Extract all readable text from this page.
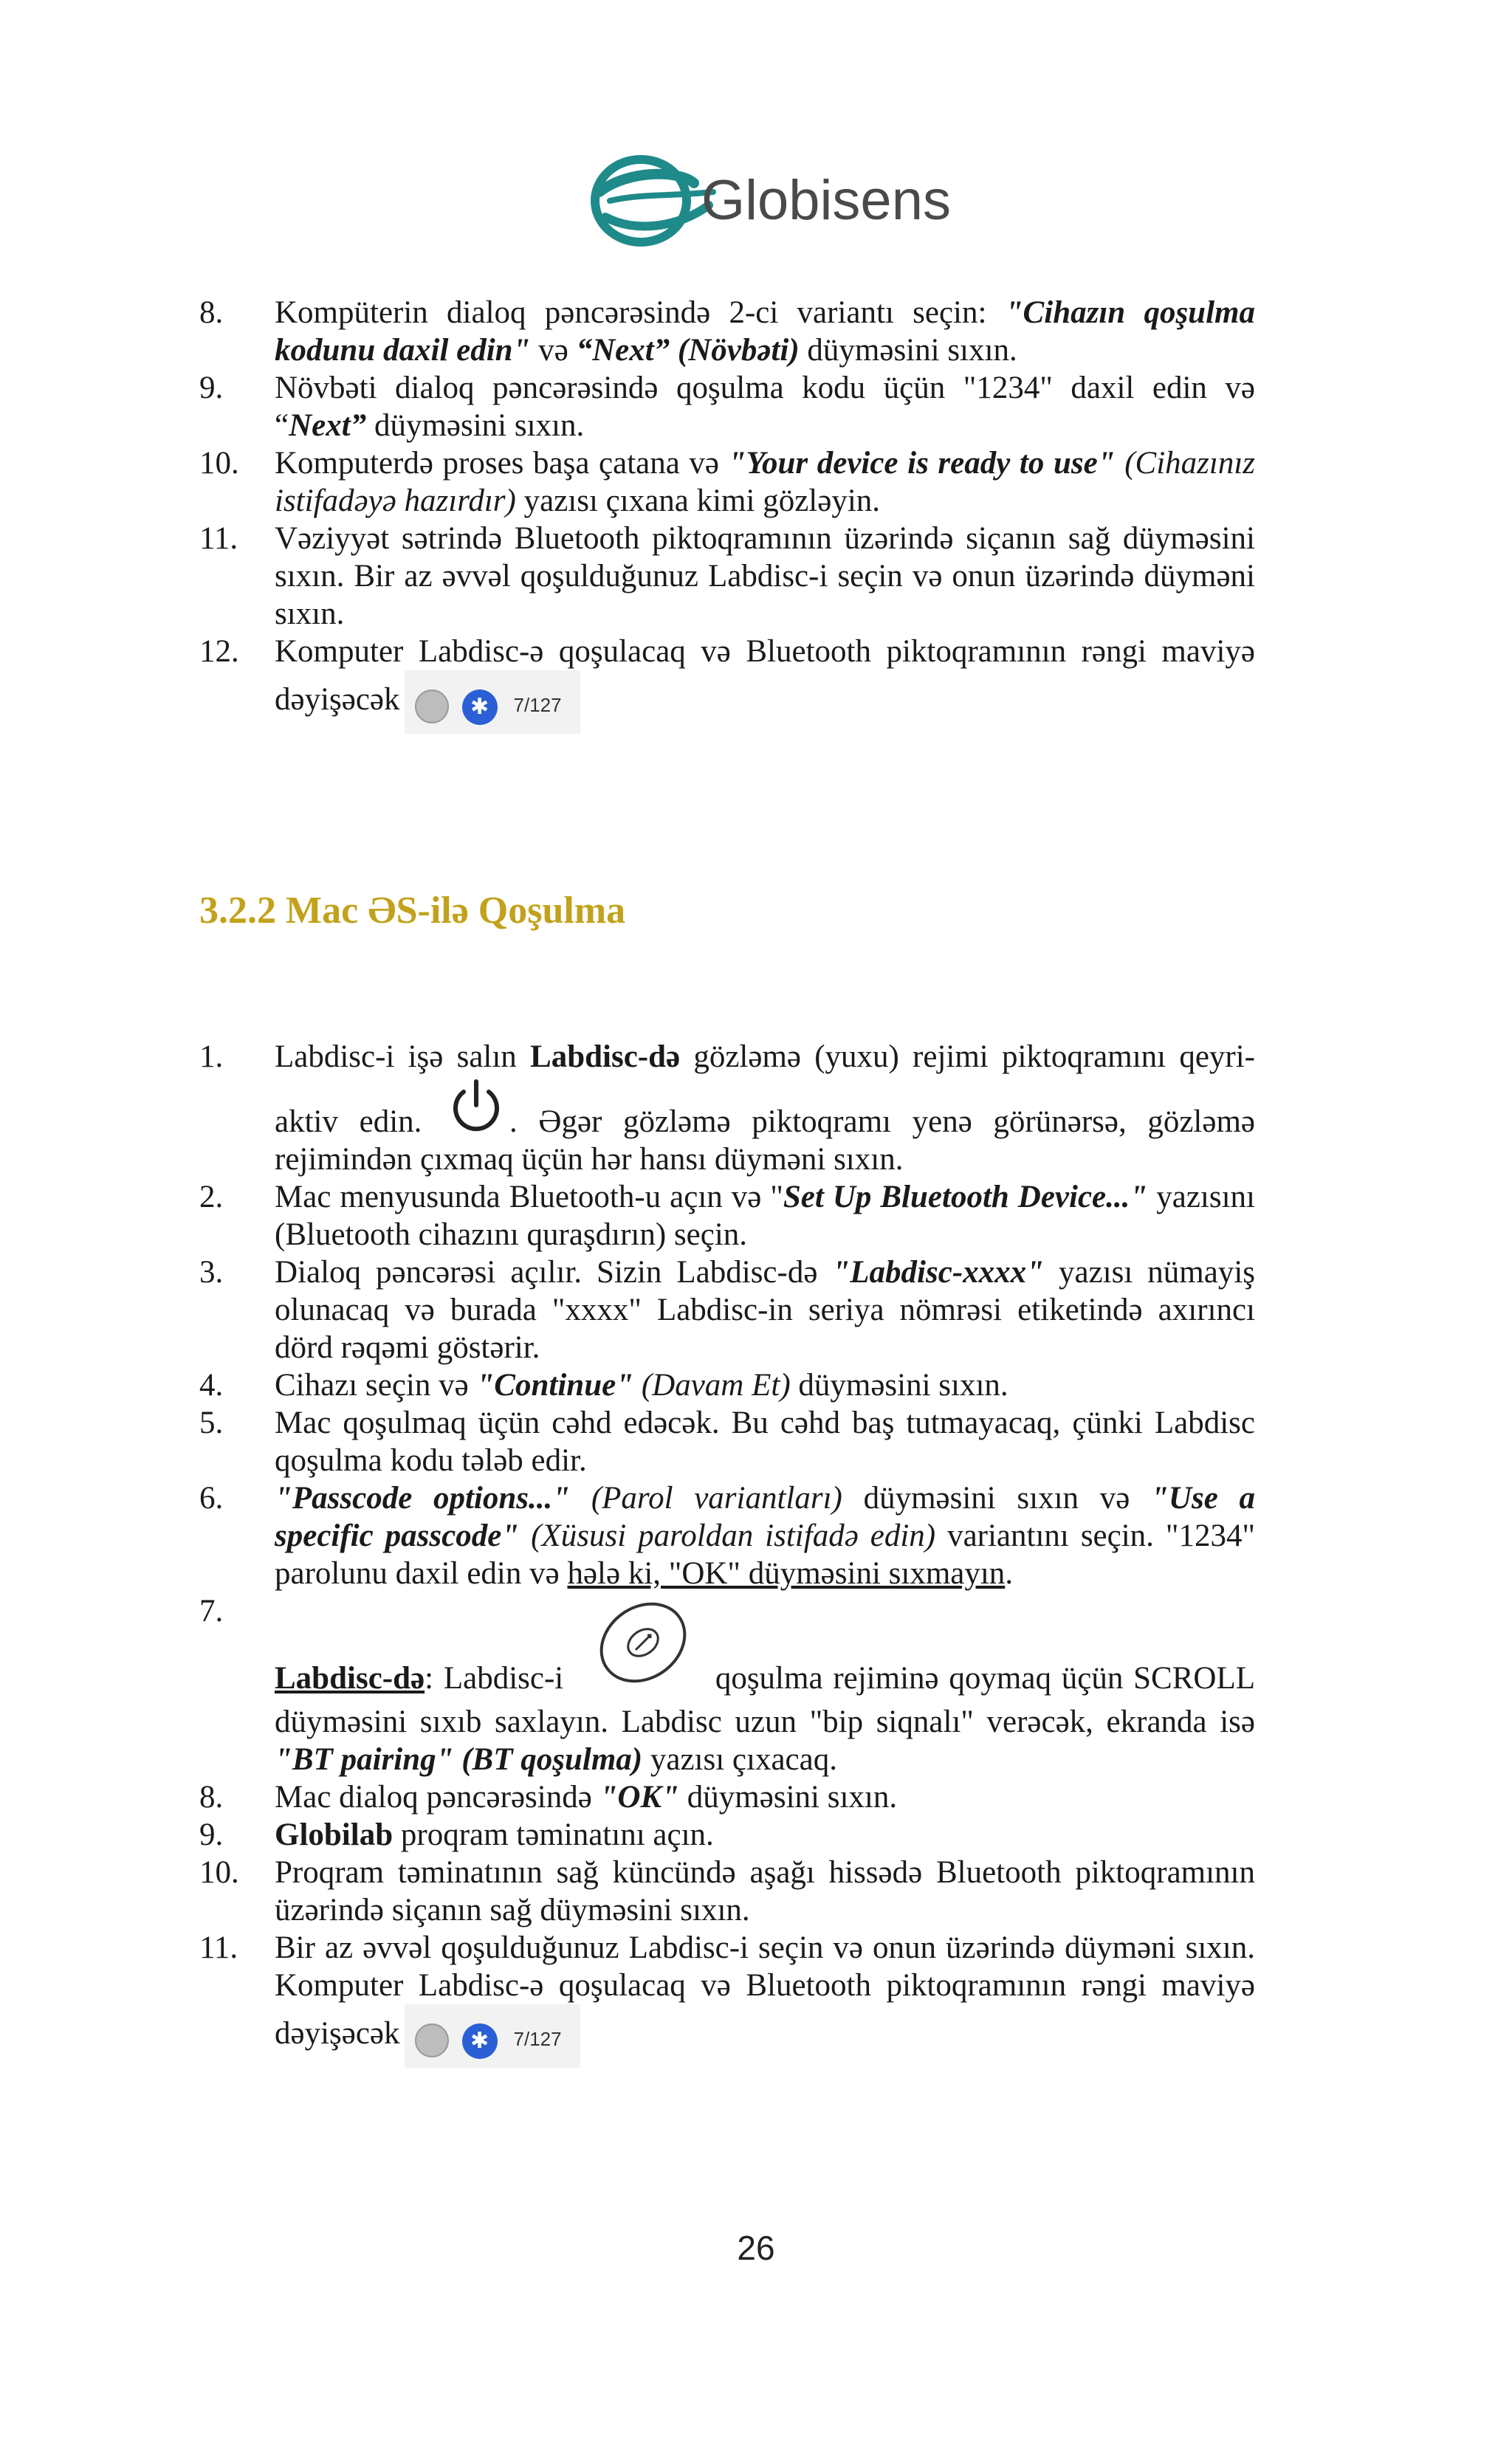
Globisens
8. Kompüterin dialoq pəncərəsində 2-ci variantı seçin: "Cihazın qoşulma kodunu daxil edin" və “Next” (Növbəti) düyməsini sıxın.
9. Növbəti dialoq pəncərəsində qoşulma kodu üçün "1234" daxil edin və “Next” düyməsini sıxın.
10. Komputerdə proses başa çatana və "Your device is ready to use" (Cihazınız istifadəyə hazırdır) yazısı çıxana kimi gözləyin.
11. Vəziyyət sətrində Bluetooth piktoqramının üzərində siçanın sağ düyməsini sıxın. Bir az əvvəl qoşulduğunuz Labdisc-i seçin və onun üzərində düyməni sıxın.
12. Komputer Labdisc-ə qoşulacaq və Bluetooth piktoqramının rəngi maviyə dəyişəcək	✱	7/127
3.2.2 Mac ƏS-ilə Qoşulma
1. Labdisc-i işə salın Labdisc-də gözləmə (yuxu) rejimi piktoqramını qeyri-aktiv edin. . Əgər gözləmə piktoqramı yenə görünərsə, gözləmə rejimindən çıxmaq üçün hər hansı düyməni sıxın.
2. Mac menyusunda Bluetooth-u açın və "Set Up Bluetooth Device..." yazısını (Bluetooth cihazını quraşdırın) seçin.
3. Dialoq pəncərəsi açılır. Sizin Labdisc-də "Labdisc-xxxx" yazısı nümayiş olunacaq və burada "xxxx" Labdisc-in seriya nömrəsi etiketində axırıncı dörd rəqəmi göstərir.
4. Cihazı seçin və "Continue" (Davam Et) düyməsini sıxın.
5. Mac qoşulmaq üçün cəhd edəcək. Bu cəhd baş tutmayacaq, çünki Labdisc qoşulma kodu tələb edir.
6. "Passcode options..." (Parol variantları) düyməsini sıxın və "Use a specific passcode" (Xüsusi paroldan istifadə edin) variantını seçin. "1234" parolunu daxil edin və hələ ki, "OK" düyməsini sıxmayın.
7.
Labdisc-də: Labdisc-i	qoşulma rejiminə qoymaq üçün SCROLL düyməsini sıxıb saxlayın. Labdisc uzun "bip siqnalı" verəcək, ekranda isə "BT pairing" (BT qoşulma) yazısı çıxacaq.
8. Mac dialoq pəncərəsində "OK" düyməsini sıxın.
9. Globilab proqram təminatını açın.
10. Proqram təminatının sağ küncündə aşağı hissədə Bluetooth piktoqramının üzərində siçanın sağ düyməsini sıxın.
11. Bir az əvvəl qoşulduğunuz Labdisc-i seçin və onun üzərində düyməni sıxın. Komputer Labdisc-ə qoşulacaq və Bluetooth piktoqramının rəngi maviyə dəyişəcək	✱	7/127
26
